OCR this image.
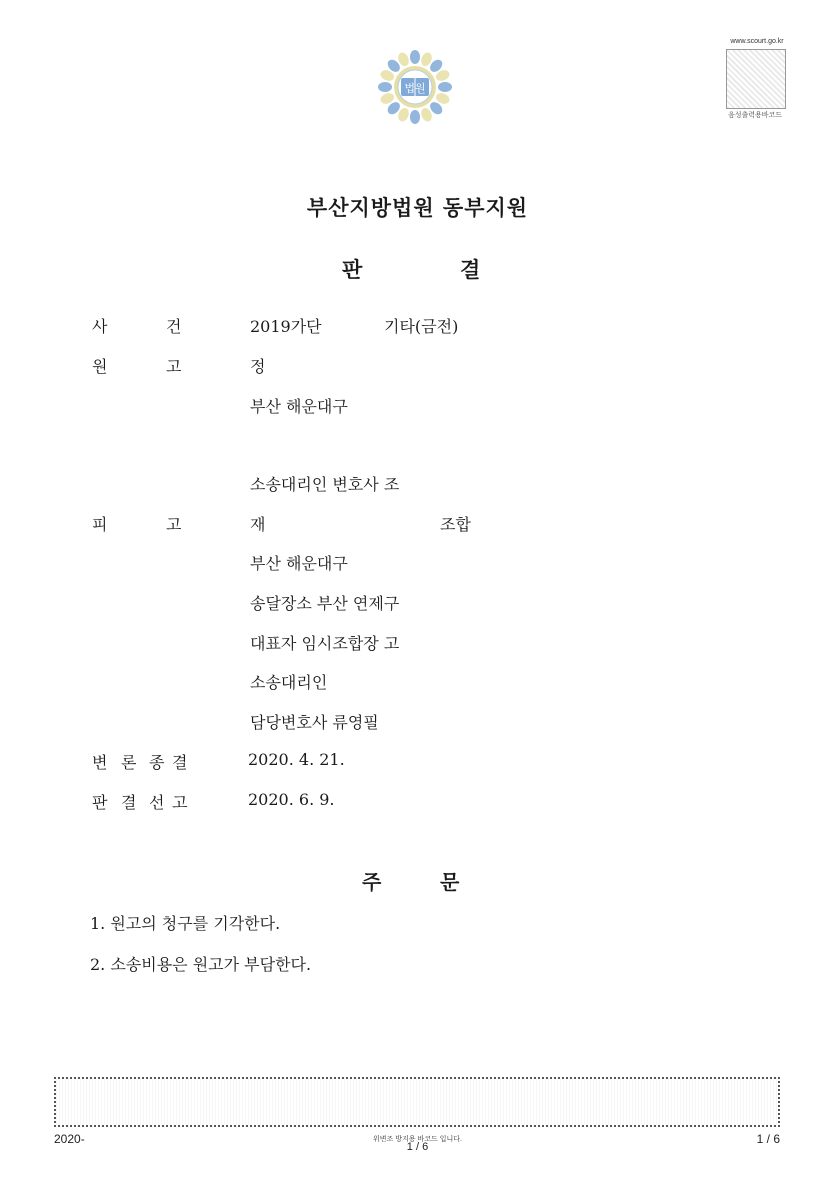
법원
www.scourt.go.kr
음성출력용바코드
부산지방법원 동부지원
판	결
사	건	2019가단	기타(금전)
원	고	정
부산 해운대구
소송대리인 변호사 조
피	고	재	조합
부산 해운대구
송달장소 부산 연제구
대표자 임시조합장 고
소송대리인
담당변호사 류영필
변 론 종 결	2020. 4. 21.
판 결 선 고	2020. 6. 9.
주	문
1. 원고의 청구를 기각한다.
2. 소송비용은 원고가 부담한다.
2020-	위변조 방지용 바코드 입니다.
1 / 6
1 / 6
